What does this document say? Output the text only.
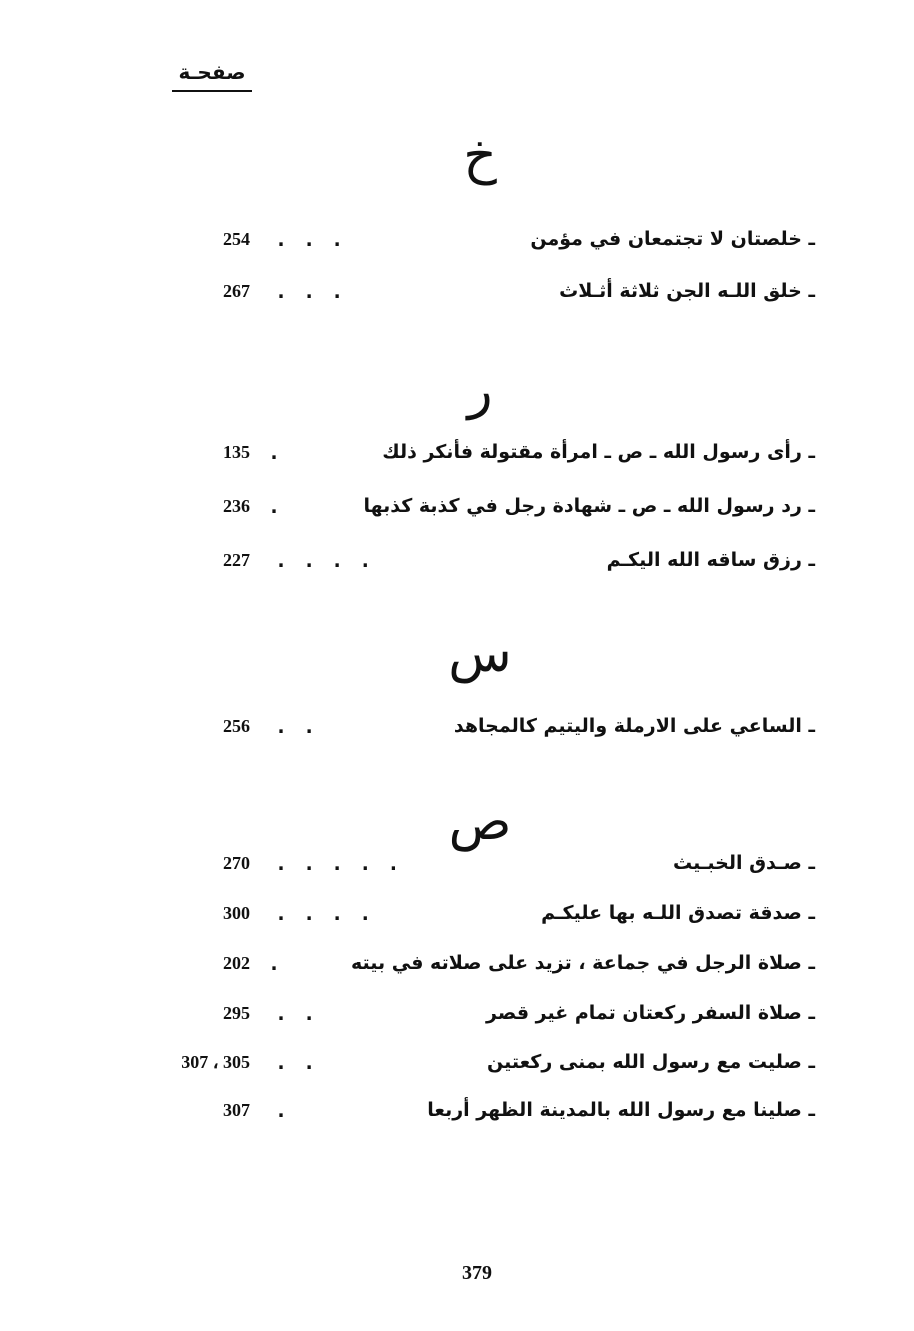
صفحـة
خ
ـ خلصتان لا تجتمعان في مؤمن
. . .
254
ـ خلق اللـه الجن ثلاثة أثـلاث
. . .
267
ر
ـ رأى رسول الله ـ ص ـ امرأة مقتولة فأنكر ذلك
.
135
ـ رد رسول الله ـ ص ـ شهادة رجل في كذبة كذبها
.
236
ـ رزق ساقه الله اليكـم
. . . .
227
س
ـ الساعي على الارملة واليتيم كالمجاهد
. .
256
ص
ـ صـدق الخبـيث
. . . . .
270
ـ صدقة تصدق اللـه بها عليكـم
. . . .
300
ـ صلاة الرجل في جماعة ، تزيد على صلاته في بيته
.
202
ـ صلاة السفر ركعتان تمام غير قصر
. .
295
ـ صليت مع رسول الله بمنى ركعتين
. .
305 ، 307
ـ صلينا مع رسول الله بالمدينة الظهر أربعا
.
307
379
